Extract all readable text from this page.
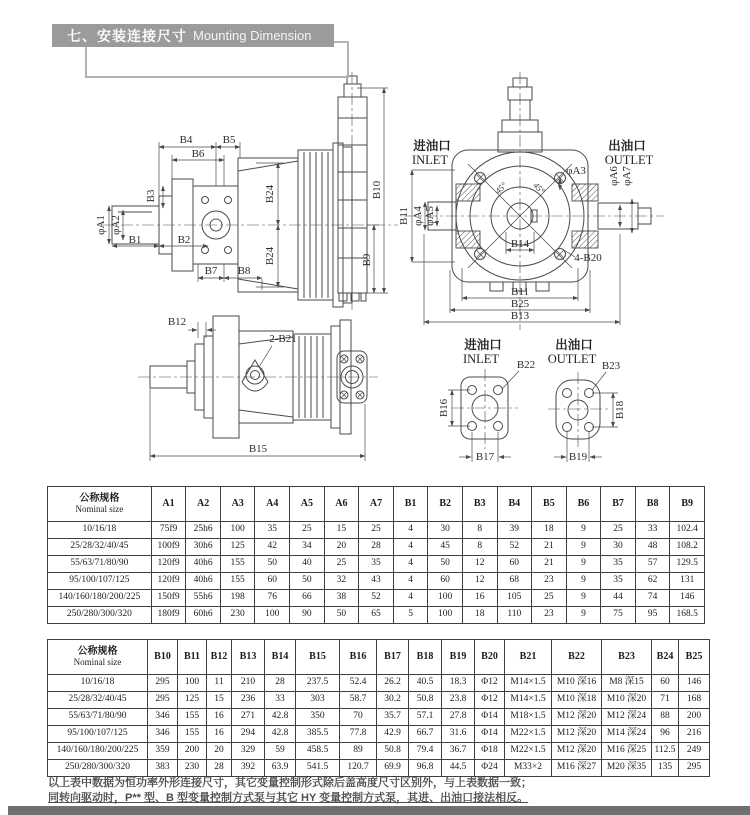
七、安装连接尺寸 Mounting Dimension
B4	B5
B6
B3
φA1 φA2
B1	B2
B24
B24
B7 B8
B10
B9
45°	45°
进油口
INLET
出油口
OUTLET
φA3 φA6 φA7
B11 φA4 φA5
B14
4-B20
B11
B25
B13
B12
2-B21
B15
进油口
INLET B22
B16
B17
出油口
OUTLET B23
B18
B19
公称规格
Nominal size	A1	A2	A3	A4	A5	A6	A7	B1	B2	B3	B4	B5	B6	B7	B8	B9
10/16/18	75f9	25h6	100	35	25	15	25	4	30	8	39	18	9	25	33	102.4
25/28/32/40/45	100f9	30h6	125	42	34	20	28	4	45	8	52	21	9	30	48	108.2
55/63/71/80/90	120f9	40h6	155	50	40	25	35	4	50	12	60	21	9	35	57	129.5
95/100/107/125	120f9	40h6	155	60	50	32	43	4	60	12	68	23	9	35	62	131
140/160/180/200/225	150f9	55h6	198	76	66	38	52	4	100	16	105	25	9	44	74	146
250/280/300/320	180f9	60h6	230	100	90	50	65	5	100	18	110	23	9	75	95	168.5
公称规格
Nominal size	B10	B11	B12	B13	B14	B15	B16	B17	B18	B19	B20	B21	B22	B23	B24	B25
10/16/18	295	100	11	210	28	237.5	52.4	26.2	40.5	18.3	Φ12	M14×1.5	M10 深16	M8 深15	60	146
25/28/32/40/45	295	125	15	236	33	303	58.7	30.2	50.8	23.8	Φ12	M14×1.5	M10 深18	M10 深20	71	168
55/63/71/80/90	346	155	16	271	42.8	350	70	35.7	57.1	27.8	Φ14	M18×1.5	M12 深20	M12 深24	88	200
95/100/107/125	346	155	16	294	42.8	385.5	77.8	42.9	66.7	31.6	Φ14	M22×1.5	M12 深20	M14 深24	96	216
140/160/180/200/225	359	200	20	329	59	458.5	89	50.8	79.4	36.7	Φ18	M22×1.5	M12 深20	M16 深25	112.5	249
250/280/300/320	383	230	28	392	63.9	541.5	120.7	69.9	96.8	44.5	Φ24	M33×2	M16 深27	M20 深35	135	295
以上表中数据为恒功率外形连接尺寸，其它变量控制形式除后盖高度尺寸区别外，与上表数据一致；
同转向驱动时，P** 型、B 型变量控制方式泵与其它 HY 变量控制方式泵，其进、出油口接法相反。
